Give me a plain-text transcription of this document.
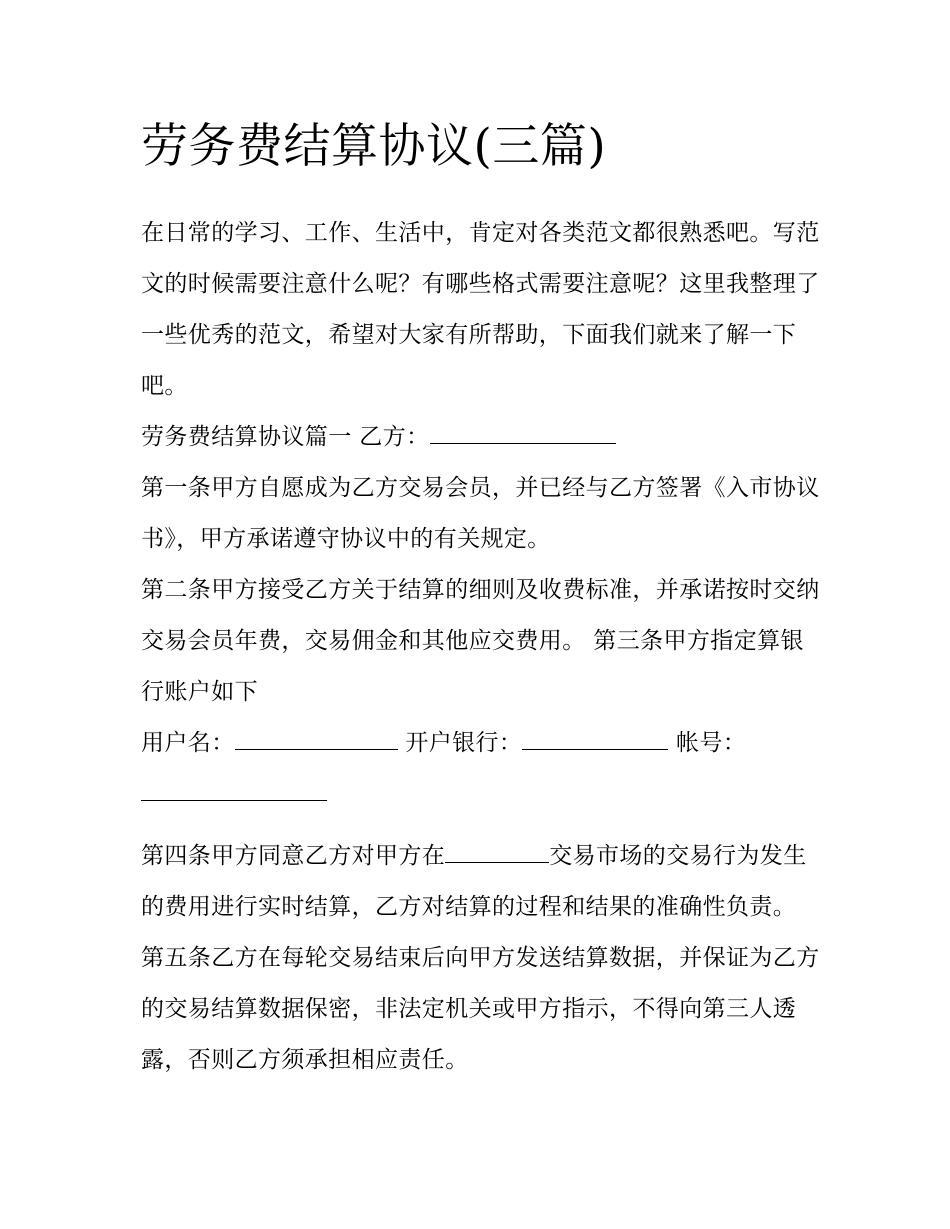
劳务费结算协议(三篇)

在日常的学习、工作、生活中，肯定对各类范文都很熟悉吧。写范文的时候需要注意什么呢？有哪些格式需要注意呢？这里我整理了一些优秀的范文，希望对大家有所帮助，下面我们就来了解一下吧。

劳务费结算协议篇一 乙方：

第一条甲方自愿成为乙方交易会员，并已经与乙方签署《入市协议书》，甲方承诺遵守协议中的有关规定。

第二条甲方接受乙方关于结算的细则及收费标准，并承诺按时交纳交易会员年费，交易佣金和其他应交费用。 第三条甲方指定算银行账户如下

用户名：	开户银行：	帐号：

第四条甲方同意乙方对甲方在	交易市场的交易行为发生的费用进行实时结算，乙方对结算的过程和结果的准确性负责。

第五条乙方在每轮交易结束后向甲方发送结算数据，并保证为乙方的交易结算数据保密，非法定机关或甲方指示，不得向第三人透露，否则乙方须承担相应责任。
